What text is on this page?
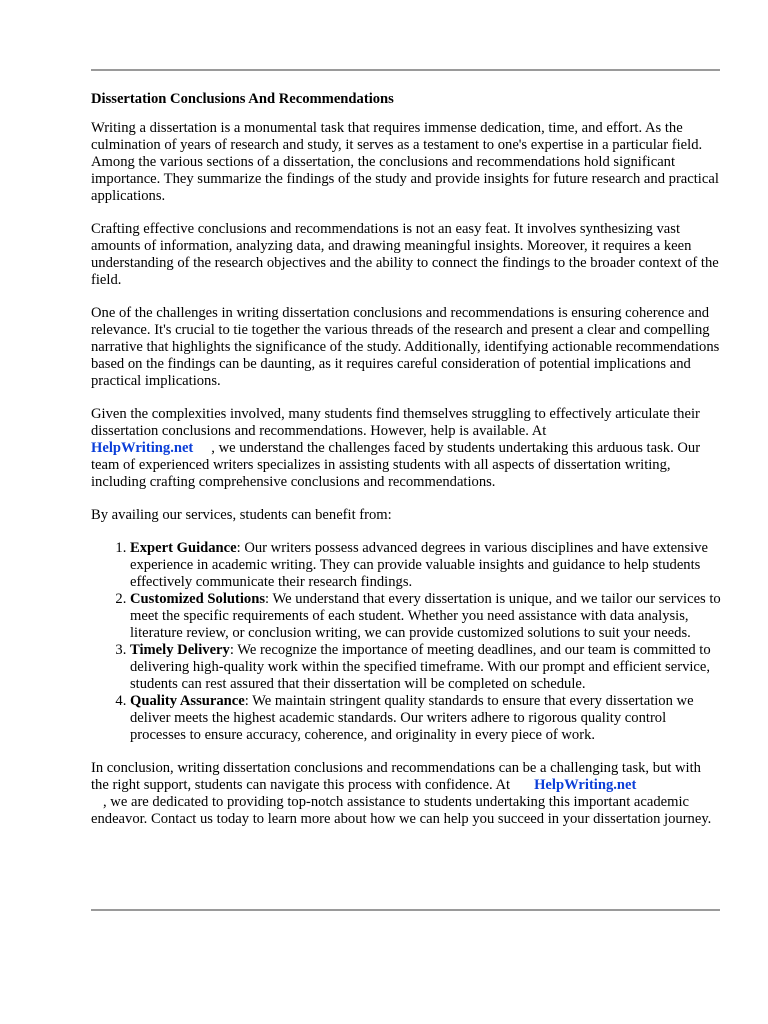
Dissertation Conclusions And Recommendations

Writing a dissertation is a monumental task that requires immense dedication, time, and effort. As the culmination of years of research and study, it serves as a testament to one's expertise in a particular field. Among the various sections of a dissertation, the conclusions and recommendations hold significant importance. They summarize the findings of the study and provide insights for future research and practical applications.

Crafting effective conclusions and recommendations is not an easy feat. It involves synthesizing vast amounts of information, analyzing data, and drawing meaningful insights. Moreover, it requires a keen understanding of the research objectives and the ability to connect the findings to the broader context of the field.

One of the challenges in writing dissertation conclusions and recommendations is ensuring coherence and relevance. It's crucial to tie together the various threads of the research and present a clear and compelling narrative that highlights the significance of the study. Additionally, identifying actionable recommendations based on the findings can be daunting, as it requires careful consideration of potential implications and practical implications.

Given the complexities involved, many students find themselves struggling to effectively articulate their dissertation conclusions and recommendations. However, help is available. At
HelpWriting.net , we understand the challenges faced by students undertaking this arduous task. Our team of experienced writers specializes in assisting students with all aspects of dissertation writing, including crafting comprehensive conclusions and recommendations.

By availing our services, students can benefit from:

1. Expert Guidance: Our writers possess advanced degrees in various disciplines and have extensive experience in academic writing. They can provide valuable insights and guidance to help students effectively communicate their research findings.
2. Customized Solutions: We understand that every dissertation is unique, and we tailor our services to meet the specific requirements of each student. Whether you need assistance with data analysis, literature review, or conclusion writing, we can provide customized solutions to suit your needs.
3. Timely Delivery: We recognize the importance of meeting deadlines, and our team is committed to delivering high-quality work within the specified timeframe. With our prompt and efficient service, students can rest assured that their dissertation will be completed on schedule.
4. Quality Assurance: We maintain stringent quality standards to ensure that every dissertation we deliver meets the highest academic standards. Our writers adhere to rigorous quality control processes to ensure accuracy, coherence, and originality in every piece of work.

In conclusion, writing dissertation conclusions and recommendations can be a challenging task, but with the right support, students can navigate this process with confidence. At HelpWriting.net
, we are dedicated to providing top-notch assistance to students undertaking this important academic endeavor. Contact us today to learn more about how we can help you succeed in your dissertation journey.
